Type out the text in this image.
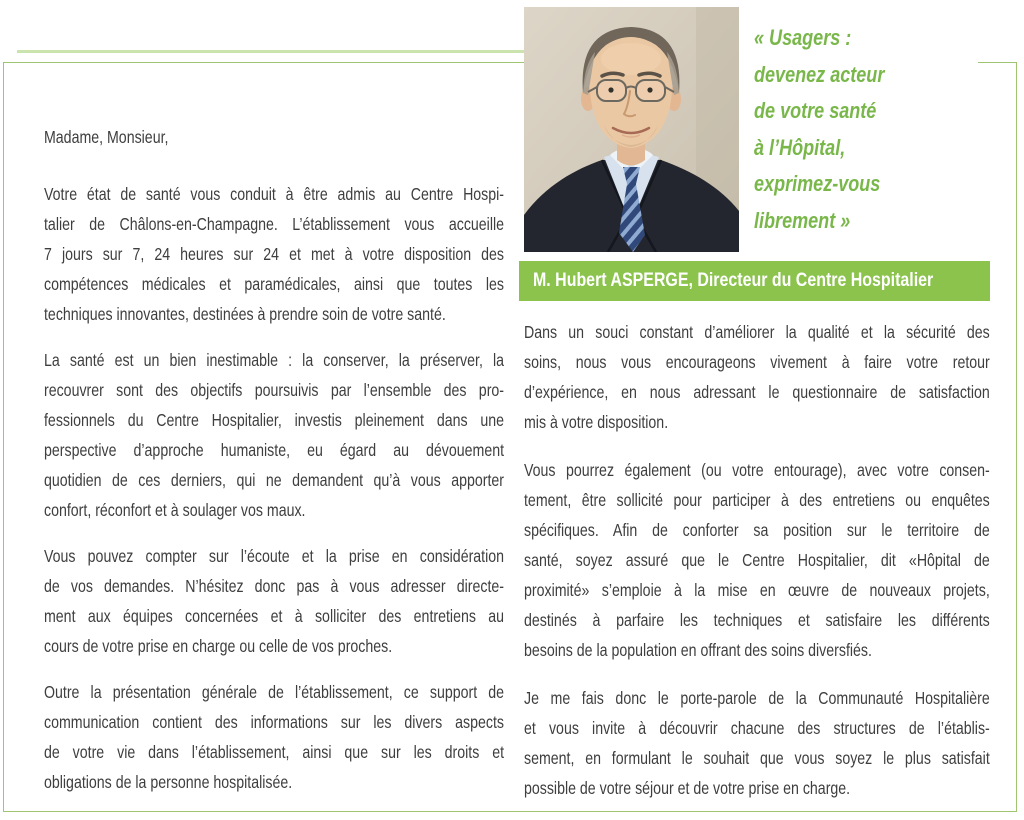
« Usagers :
devenez acteur
de votre santé
à l’Hôpital,
exprimez-vous
librement »
M. Hubert ASPERGE, Directeur du Centre Hospitalier
Madame, Monsieur,
Votre état de santé vous conduit à être admis au Centre Hospi-
talier de Châlons-en-Champagne. L’établissement vous accueille
7 jours sur 7, 24 heures sur 24 et met à votre disposition des
compétences médicales et paramédicales, ainsi que toutes les
techniques innovantes, destinées à prendre soin de votre santé.
La santé est un bien inestimable : la conserver, la préserver, la
recouvrer sont des objectifs poursuivis par l’ensemble des pro-
fessionnels du Centre Hospitalier, investis pleinement dans une
perspective d’approche humaniste, eu égard au dévouement
quotidien de ces derniers, qui ne demandent qu’à vous apporter
confort, réconfort et à soulager vos maux.
Vous pouvez compter sur l’écoute et la prise en considération
de vos demandes. N’hésitez donc pas à vous adresser directe-
ment aux équipes concernées et à solliciter des entretiens au
cours de votre prise en charge ou celle de vos proches.
Outre la présentation générale de l’établissement, ce support de
communication contient des informations sur les divers aspects
de votre vie dans l’établissement, ainsi que sur les droits et
obligations de la personne hospitalisée.
Dans un souci constant d’améliorer la qualité et la sécurité des
soins, nous vous encourageons vivement à faire votre retour
d’expérience, en nous adressant le questionnaire de satisfaction
mis à votre disposition.
Vous pourrez également (ou votre entourage), avec votre consen-
tement, être sollicité pour participer à des entretiens ou enquêtes
spécifiques. Afin de conforter sa position sur le territoire de
santé, soyez assuré que le Centre Hospitalier, dit «Hôpital de
proximité» s’emploie à la mise en œuvre de nouveaux projets,
destinés à parfaire les techniques et satisfaire les différents
besoins de la population en offrant des soins diversfiés.
Je me fais donc le porte-parole de la Communauté Hospitalière
et vous invite à découvrir chacune des structures de l’établis-
sement, en formulant le souhait que vous soyez le plus satisfait
possible de votre séjour et de votre prise en charge.
